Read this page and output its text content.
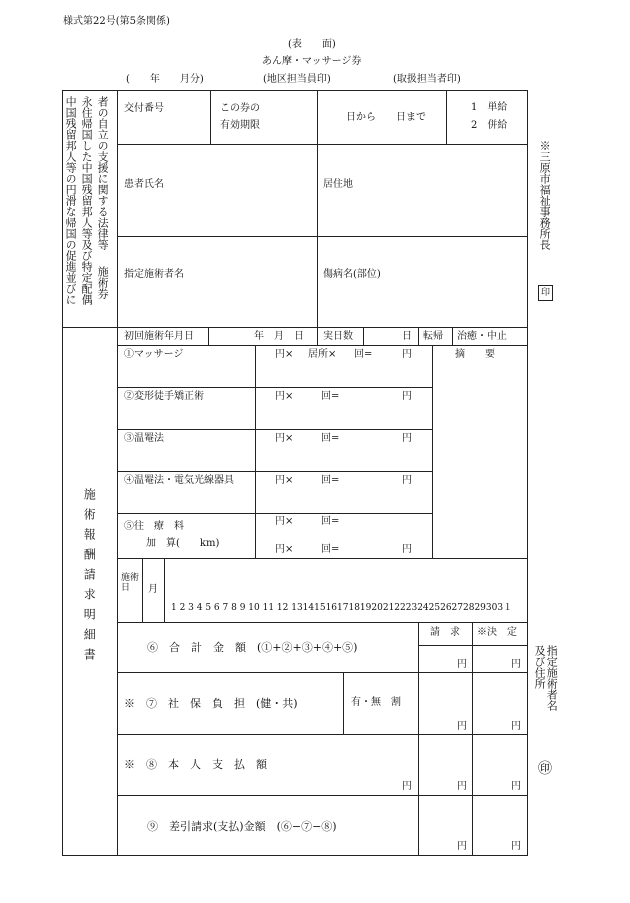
様式第22号(第5条関係)
(表　　面)
あん摩・マッサージ券
(　　年　　月分)	(地区担当員印)	(取扱担当者印)
者の自立の支援に関する法律等
永住帰国した中国残留邦人等及び特定配偶
中国残留邦人等の円滑な帰国の促進並びに 施術券
交付番号	この券の
有効期限
日から　　日まで
1　単給
2　併給
患者氏名	居住地
指定施術者名	傷病名(部位)
施術報酬請求明細書
初回施術年月日	年　月　日 実日数	日 転帰 治癒・中止
摘　　要
①マッサージ	円× 居所× 回=	円
②変形徒手矯正術	円×	回=	円
③温罨法	円×	回=	円
④温罨法・電気光線器具	円×	回=	円
⑤往　療　料
加　算(　　km)
円×	回=
円×	回=	円
施術日	月
1 2 3 4 5 6 7 8 9 10 11 12 1314151617181920212223242526272829303１
請　求 ※決　定
⑥　合　計　金　額　(①+②+③+④+⑤)
円	円
※　⑦　社　保　負　担　(健・共)	有・無　割
円	円
※　⑧　本　人　支　払　額
円	円	円
⑨　差引請求(支払)金額　(⑥−⑦−⑧)
円	円
※三原市福祉事務所長
印
指定施術者名及び住所
㊞
